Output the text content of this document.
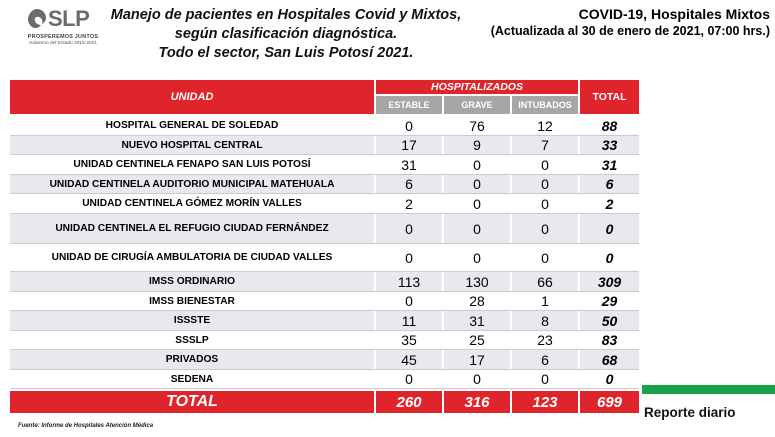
SLP
PROSPEREMOS JUNTOS
Gobierno del Estado 2015-2021
Manejo de pacientes en Hospitales Covid y Mixtos,
según clasificación diagnóstica.
Todo el sector, San Luis Potosí 2021.
COVID-19, Hospitales Mixtos
(Actualizada al 30 de enero de 2021, 07:00 hrs.)
UNIDAD
HOSPITALIZADOS
ESTABLE	GRAVE	INTUBADOS
TOTAL
HOSPITAL GENERAL DE SOLEDAD	0	76	12	88
NUEVO HOSPITAL CENTRAL	17	9	7	33
UNIDAD CENTINELA FENAPO SAN LUIS POTOSÍ	31	0	0	31
UNIDAD CENTINELA AUDITORIO MUNICIPAL MATEHUALA	6	0	0	6
UNIDAD CENTINELA GÓMEZ MORÍN VALLES	2	0	0	2
UNIDAD CENTINELA EL REFUGIO CIUDAD FERNÁNDEZ	0	0	0	0
UNIDAD DE CIRUGÍA AMBULATORIA DE CIUDAD VALLES	0	0	0	0
IMSS ORDINARIO	113	130	66	309
IMSS BIENESTAR	0	28	1	29
ISSSTE	11	31	8	50
SSSLP	35	25	23	83
PRIVADOS	45	17	6	68
SEDENA	0	0	0	0
TOTAL	260	316	123	699
Fuente: Informe de Hospitales Atención Médica
Reporte diario
